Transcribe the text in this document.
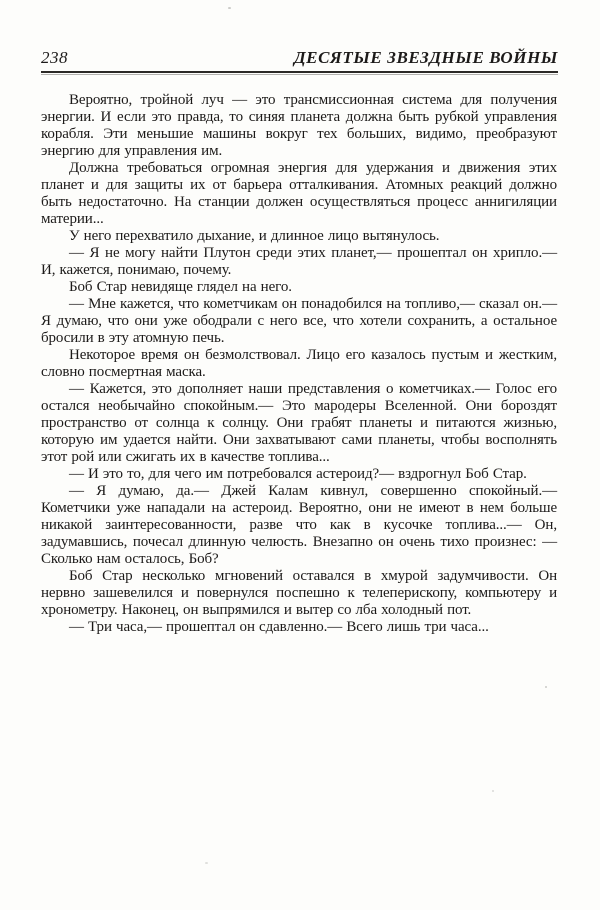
238	ДЕСЯТЫЕ ЗВЕЗДНЫЕ ВОЙНЫ

Вероятно, тройной луч — это трансмиссионная система для получения энергии. И если это правда, то синяя планета должна быть рубкой управления корабля. Эти меньшие машины вокруг тех больших, видимо, преобразуют энергию для управления им.

Должна требоваться огромная энергия для удержания и движения этих планет и для защиты их от барьера отталкивания. Атомных реакций должно быть недостаточно. На станции должен осуществляться процесс аннигиляции материи...

У него перехватило дыхание, и длинное лицо вытянулось.

— Я не могу найти Плутон среди этих планет,— прошептал он хрипло.— И, кажется, понимаю, почему.

Боб Стар невидяще глядел на него.

— Мне кажется, что кометчикам он понадобился на топливо,— сказал он.— Я думаю, что они уже ободрали с него все, что хотели сохранить, а остальное бросили в эту атомную печь.

Некоторое время он безмолствовал. Лицо его казалось пустым и жестким, словно посмертная маска.

— Кажется, это дополняет наши представления о кометчиках.— Голос его остался необычайно спокойным.— Это мародеры Вселенной. Они бороздят пространство от солнца к солнцу. Они грабят планеты и питаются жизнью, которую им удается найти. Они захватывают сами планеты, чтобы восполнять этот рой или сжигать их в качестве топлива...

— И это то, для чего им потребовался астероид?— вздрогнул Боб Стар.

— Я думаю, да.— Джей Калам кивнул, совершенно спокойный.— Кометчики уже нападали на астероид. Вероятно, они не имеют в нем больше никакой заинтересованности, разве что как в кусочке топлива...— Он, задумавшись, почесал длинную челюсть. Внезапно он очень тихо произнес: — Сколько нам осталось, Боб?

Боб Стар несколько мгновений оставался в хмурой задумчивости. Он нервно зашевелился и повернулся поспешно к телеперископу, компьютеру и хронометру. Наконец, он выпрямился и вытер со лба холодный пот.

— Три часа,— прошептал он сдавленно.— Всего лишь три часа...
